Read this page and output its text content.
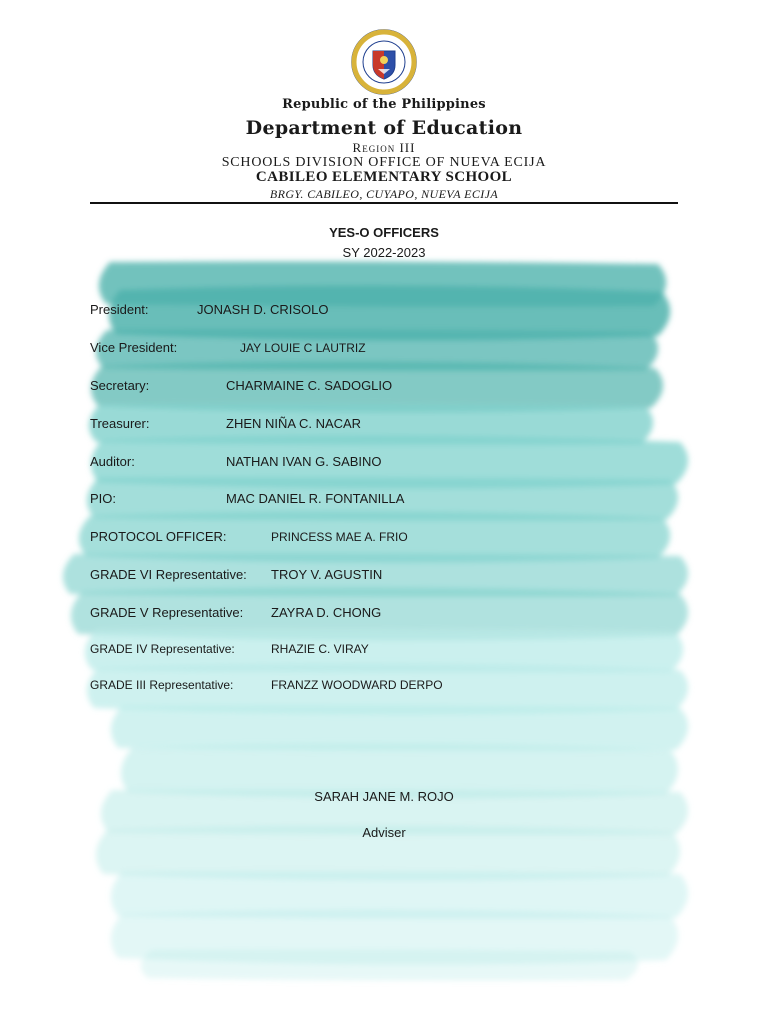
Republic of the Philippines
Department of Education
Region III
SCHOOLS DIVISION OFFICE OF NUEVA ECIJA
CABILEO ELEMENTARY SCHOOL
BRGY. CABILEO, CUYAPO, NUEVA ECIJA
YES-O OFFICERS
SY 2022-2023
President:	JONASH D. CRISOLO
Vice President:	JAY LOUIE C LAUTRIZ
Secretary:	CHARMAINE C. SADOGLIO
Treasurer:	ZHEN NIÑA C. NACAR
Auditor:	NATHAN IVAN G. SABINO
PIO:	MAC DANIEL R. FONTANILLA
PROTOCOL OFFICER:	PRINCESS MAE A. FRIO
GRADE VI Representative: TROY V. AGUSTIN
GRADE V Representative: ZAYRA D. CHONG
GRADE IV Representative:	RHAZIE C. VIRAY
GRADE III Representative:	FRANZZ WOODWARD DERPO
SARAH JANE M. ROJO
Adviser
